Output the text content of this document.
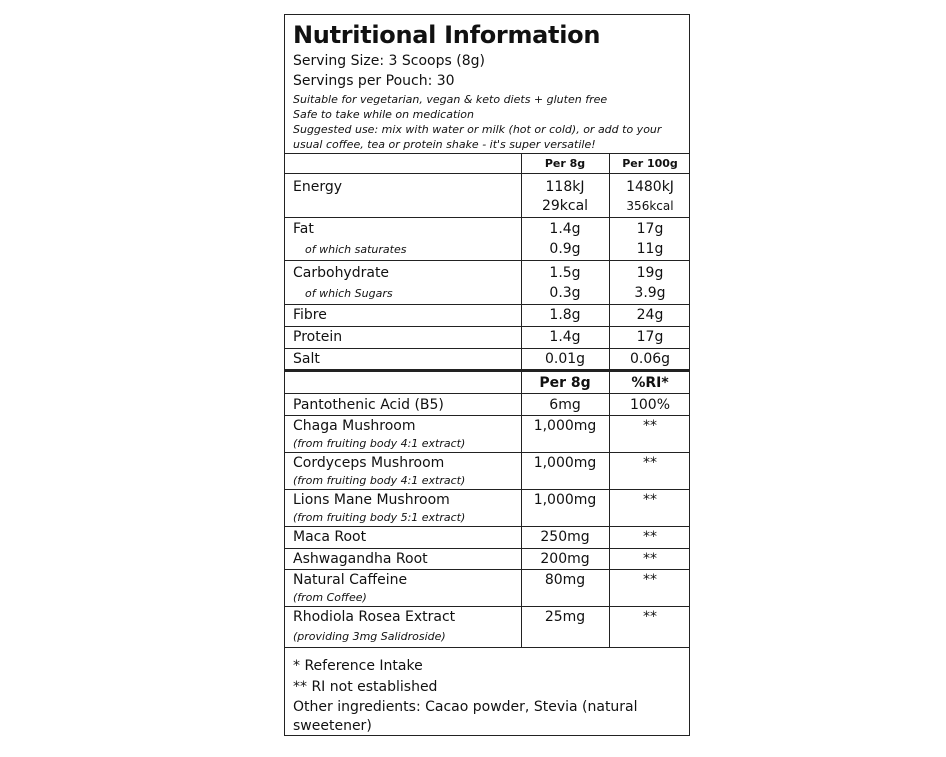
Nutritional Information
Serving Size: 3 Scoops (8g)
Servings per Pouch: 30
Suitable for vegetarian, vegan & keto diets + gluten free
Safe to take while on medication
Suggested use: mix with water or milk (hot or cold), or add to your
usual coffee, tea or protein shake - it's super versatile!
Per 8g	Per 100g
Energy	118kJ	1480kJ
29kcal	356kcal
Fat	1.4g	17g
of which saturates	0.9g	11g
Carbohydrate	1.5g	19g
of which Sugars	0.3g	3.9g
Fibre	1.8g	24g
Protein	1.4g	17g
Salt	0.01g	0.06g
Per 8g	%RI*
Pantothenic Acid (B5)	6mg	100%
Chaga Mushroom
(from fruiting body 4:1 extract)
1,000mg	**
Cordyceps Mushroom
(from fruiting body 4:1 extract)
1,000mg	**
Lions Mane Mushroom
(from fruiting body 5:1 extract)
1,000mg	**
Maca Root	250mg	**
Ashwagandha Root	200mg	**
Natural Caffeine
(from Coffee)
80mg	**
Rhodiola Rosea Extract
(providing 3mg Salidroside)
25mg	**
* Reference Intake
** RI not established
Other ingredients: Cacao powder, Stevia (natural
sweetener)
